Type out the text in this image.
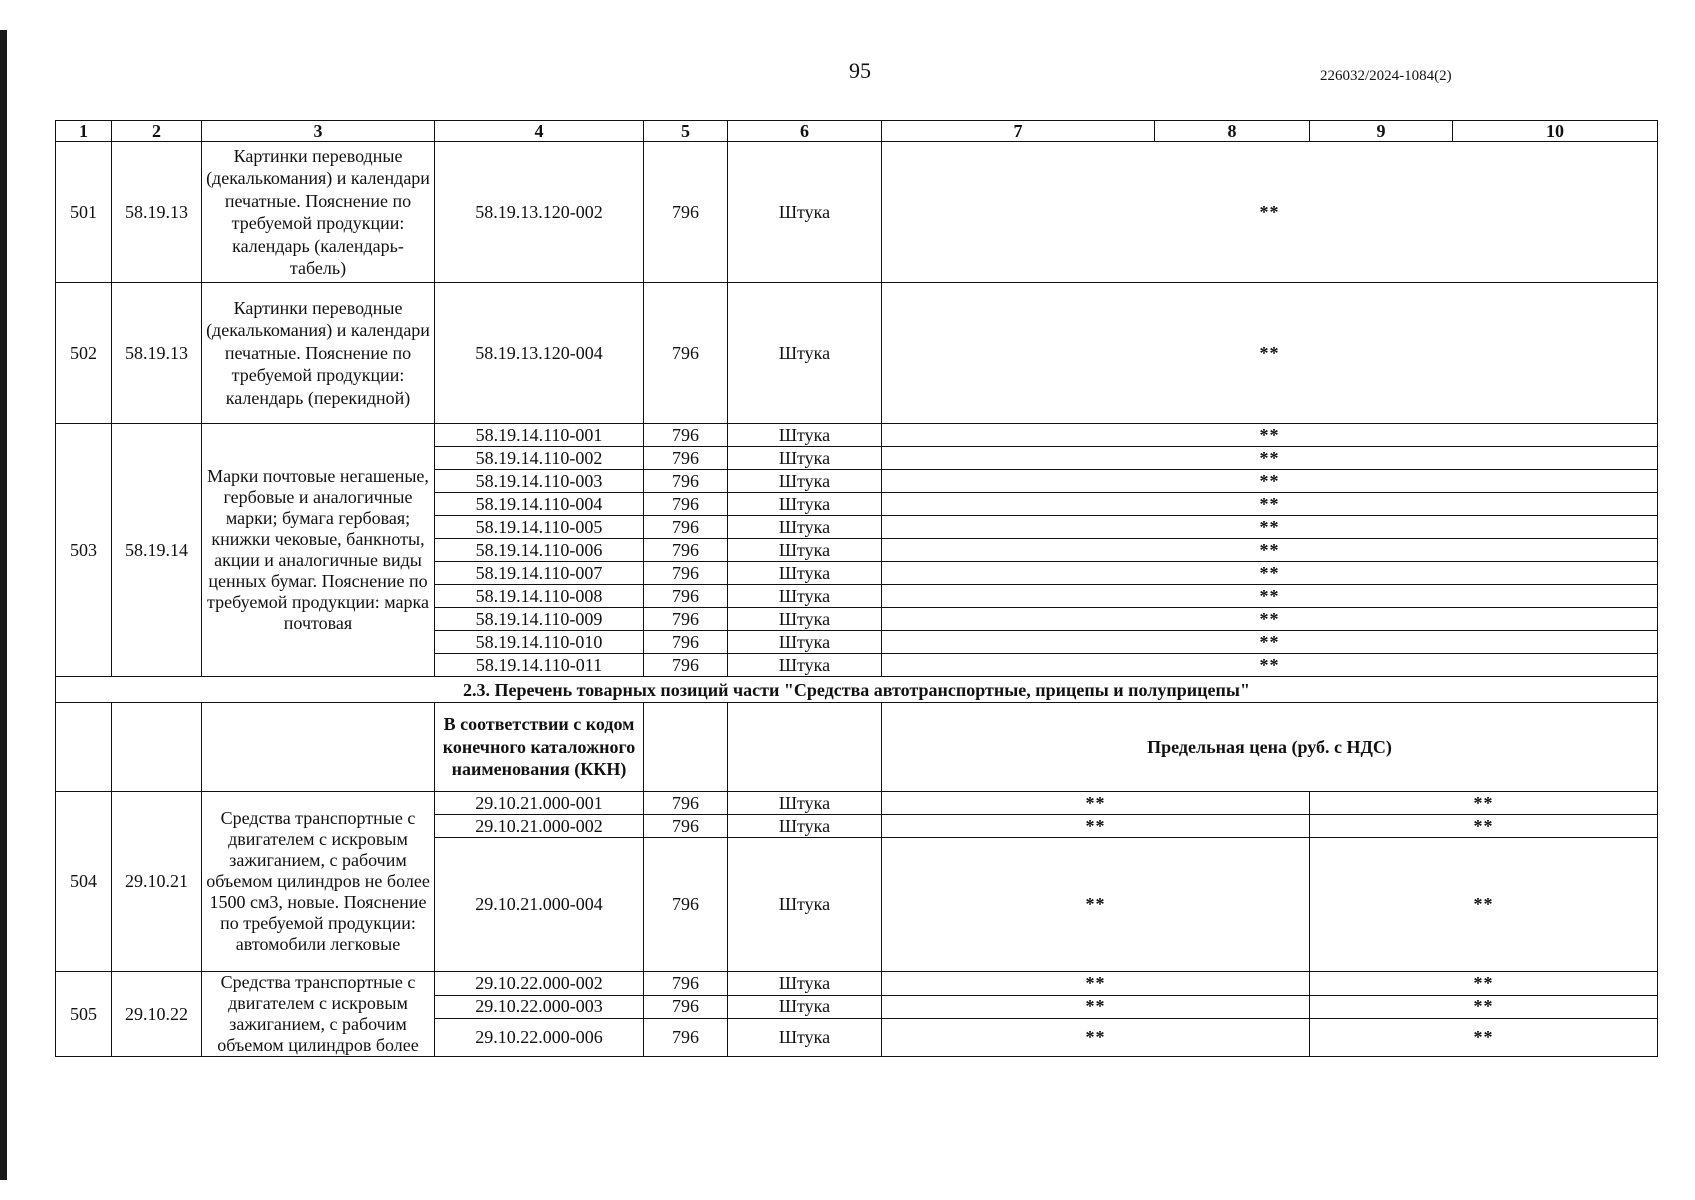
95	226032/2024-1084(2)
1	2	3	4	5	6	7	8	9	10
501	58.19.13	Картинки переводные (декалькомания) и календари печатные. Пояснение по требуемой продукции: календарь (календарь-табель)	58.19.13.120-002	796	Штука	**			
502	58.19.13	Картинки переводные (декалькомания) и календари печатные. Пояснение по требуемой продукции: календарь (перекидной)	58.19.13.120-004	796	Штука	**			
503	58.19.14	Марки почтовые негашеные, гербовые и аналогичные марки; бумага гербовая; книжки чековые, банкноты, акции и аналогичные виды ценных бумаг. Пояснение по требуемой продукции: марка почтовая	58.19.14.110-001	796	Штука	**			
			58.19.14.110-002	796	Штука	**			
			58.19.14.110-003	796	Штука	**			
			58.19.14.110-004	796	Штука	**			
			58.19.14.110-005	796	Штука	**			
			58.19.14.110-006	796	Штука	**			
			58.19.14.110-007	796	Штука	**			
			58.19.14.110-008	796	Штука	**			
			58.19.14.110-009	796	Штука	**			
			58.19.14.110-010	796	Штука	**			
			58.19.14.110-011	796	Штука	**			
2.3. Перечень товарных позиций части "Средства автотранспортные, прицепы и полуприцепы"									
			В соответствии с кодом конечного каталожного наименования (ККН)			Предельная цена (руб. с НДС)			
504	29.10.21	Средства транспортные с двигателем с искровым зажиганием, с рабочим объемом цилиндров не более 1500 см3, новые. Пояснение по требуемой продукции: автомобили легковые	29.10.21.000-001	796	Штука	**		**	
			29.10.21.000-002	796	Штука	**		**	
			29.10.21.000-004	796	Штука	**		**	
505	29.10.22	Средства транспортные с двигателем с искровым зажиганием, с рабочим объемом цилиндров более	29.10.22.000-002	796	Штука	**		**	
			29.10.22.000-003	796	Штука	**		**	
			29.10.22.000-006	796	Штука	**		**	
